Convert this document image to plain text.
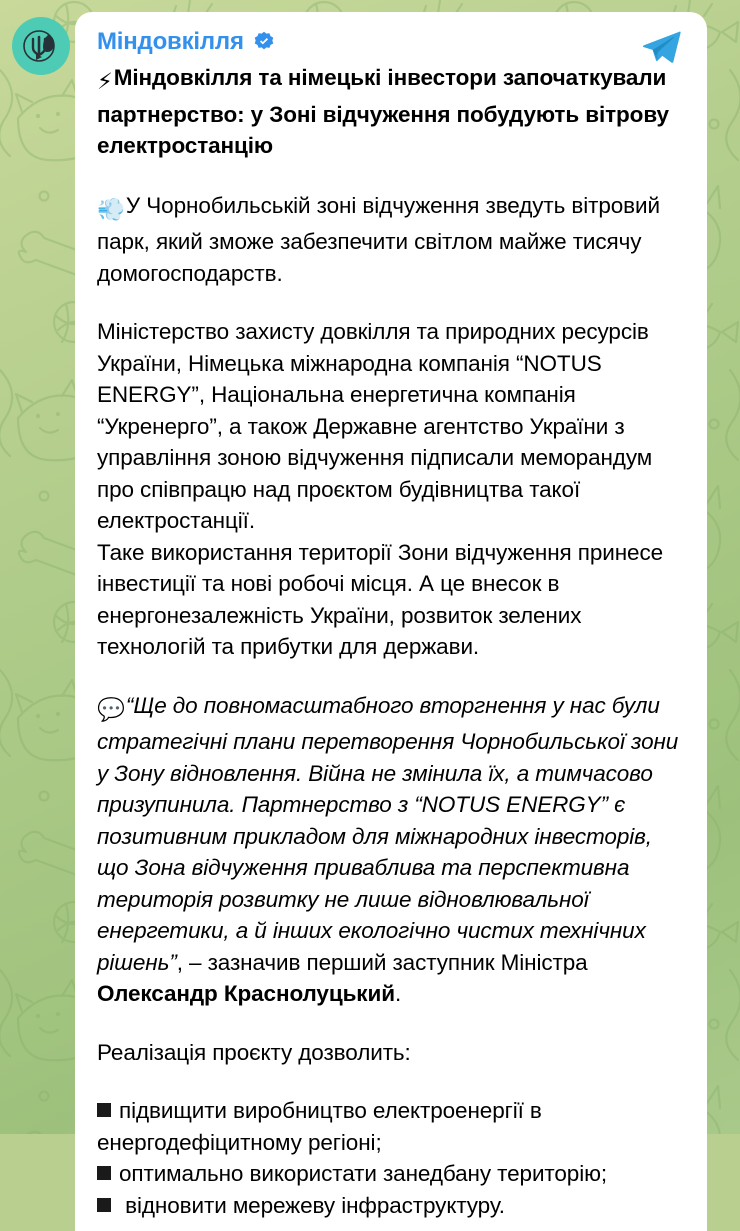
Міндовкілля

⚡Міндовкілля та німецькі інвестори започаткували партнерство: у Зоні відчуження побудують вітрову електростанцію

💨У Чорнобильській зоні відчуження зведуть вітровий парк, який зможе забезпечити світлом майже тисячу домогосподарств.

Міністерство захисту довкілля та природних ресурсів України, Німецька міжнародна компанія “NOTUS ENERGY”, Національна енергетична компанія “Укренерго”, а також Державне агентство України з управління зоною відчуження підписали меморандум про співпрацю над проєктом будівництва такої електростанції.

Таке використання території Зони відчуження принесе інвестиції та нові робочі місця. А це внесок в енергонезалежність України, розвиток зелених технологій та прибутки для держави.

💬“Ще до повномасштабного вторгнення у нас були стратегічні плани перетворення Чорнобильської зони у Зону відновлення. Війна не змінила їх, а тимчасово призупинила. Партнерство з “NOTUS ENERGY” є позитивним прикладом для міжнародних інвесторів, що Зона відчуження приваблива та перспективна територія розвитку не лише відновлювальної енергетики, а й інших екологічно чистих технічних рішень”, – зазначив перший заступник Міністра Олександр Краснолуцький.

Реалізація проєкту дозволить:

підвищити виробництво електроенергії в енергодефіцитному регіоні;
оптимально використати занедбану територію;
відновити мережеву інфраструктуру.
